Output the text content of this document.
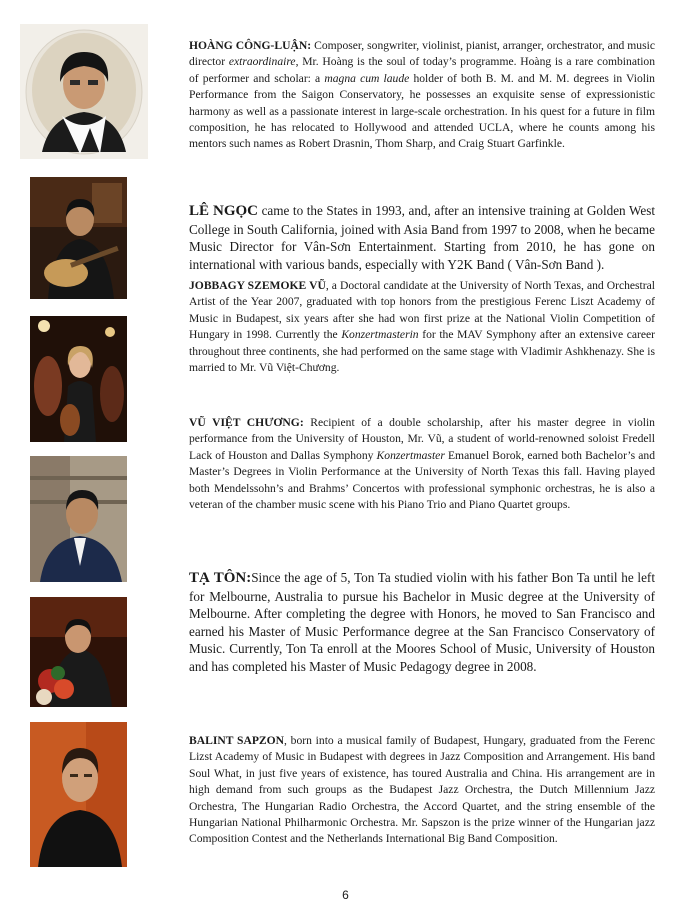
HOÀNG CÔNG-LUẬN: Composer, songwriter, violinist, pianist, arranger, orchestrator, and music director extraordinaire, Mr. Hoàng is the soul of today’s programme. Hoàng is a rare combination of performer and scholar: a magna cum laude holder of both B. M. and M. M. degrees in Violin Performance from the Saigon Conservatory, he possesses an exquisite sense of expressionistic harmony as well as a passionate interest in large-scale orchestration. In his quest for a future in film composition, he has relocated to Hollywood and attended UCLA, where he counts among his mentors such names as Robert Drasnin, Thom Sharp, and Craig Stuart Garfinkle.

LÊ NGỌC came to the States in 1993, and, after an intensive training at Golden West College in South California, joined with Asia Band from 1997 to 2008, when he became Music Director for Vân-Sơn Entertainment. Starting from 2010, he has gone on international with various bands, especially with Y2K Band ( Vân-Sơn Band ).

JOBBAGY SZEMOKE VŨ, a Doctoral candidate at the University of North Texas, and Orchestral Artist of the Year 2007, graduated with top honors from the prestigious Ferenc Liszt Academy of Music in Budapest, six years after she had won first prize at the National Violin Competition of Hungary in 1998. Currently the Konzertmasterin for the MAV Symphony after an extensive career throughout three continents, she had performed on the same stage with Vladimir Ashkhenazy. She is married to Mr. Vũ Việt-Chương.

VŨ VIỆT CHƯƠNG: Recipient of a double scholarship, after his master degree in violin performance from the University of Houston, Mr. Vũ, a student of world-renowned soloist Fredell Lack of Houston and Dallas Symphony Konzertmaster Emanuel Borok, earned both Bachelor’s and Master’s Degrees in Violin Performance at the University of North Texas this fall. Having played both Mendelssohn’s and Brahms’ Concertos with professional symphonic orchestras, he is also a veteran of the chamber music scene with his Piano Trio and Piano Quartet groups.

TẠ TÔN:Since the age of 5, Ton Ta studied violin with his father Bon Ta until he left for Melbourne, Australia to pursue his Bachelor in Music degree at the University of Melbourne. After completing the degree with Honors, he moved to San Francisco and earned his Master of Music Performance degree at the San Francisco Conservatory of Music. Currently, Ton Ta enroll at the Moores School of Music, University of Houston and has completed his Master of Music Pedagogy degree in 2008.

BALINT SAPZON, born into a musical family of Budapest, Hungary, graduated from the Ferenc Lizst Academy of Music in Budapest with degrees in Jazz Composition and Arrangement. His band Soul What, in just five years of existence, has toured Australia and China. His arrangement are in high demand from such groups as the Budapest Jazz Orchestra, the Dutch Millennium Jazz Orchestra, The Hungarian Radio Orchestra, the Accord Quartet, and the string ensemble of the Hungarian National Philharmonic Orchestra. Mr. Sapszon is the prize winner of the Hungarian jazz Composition Contest and the Netherlands International Big Band Composition.

6
